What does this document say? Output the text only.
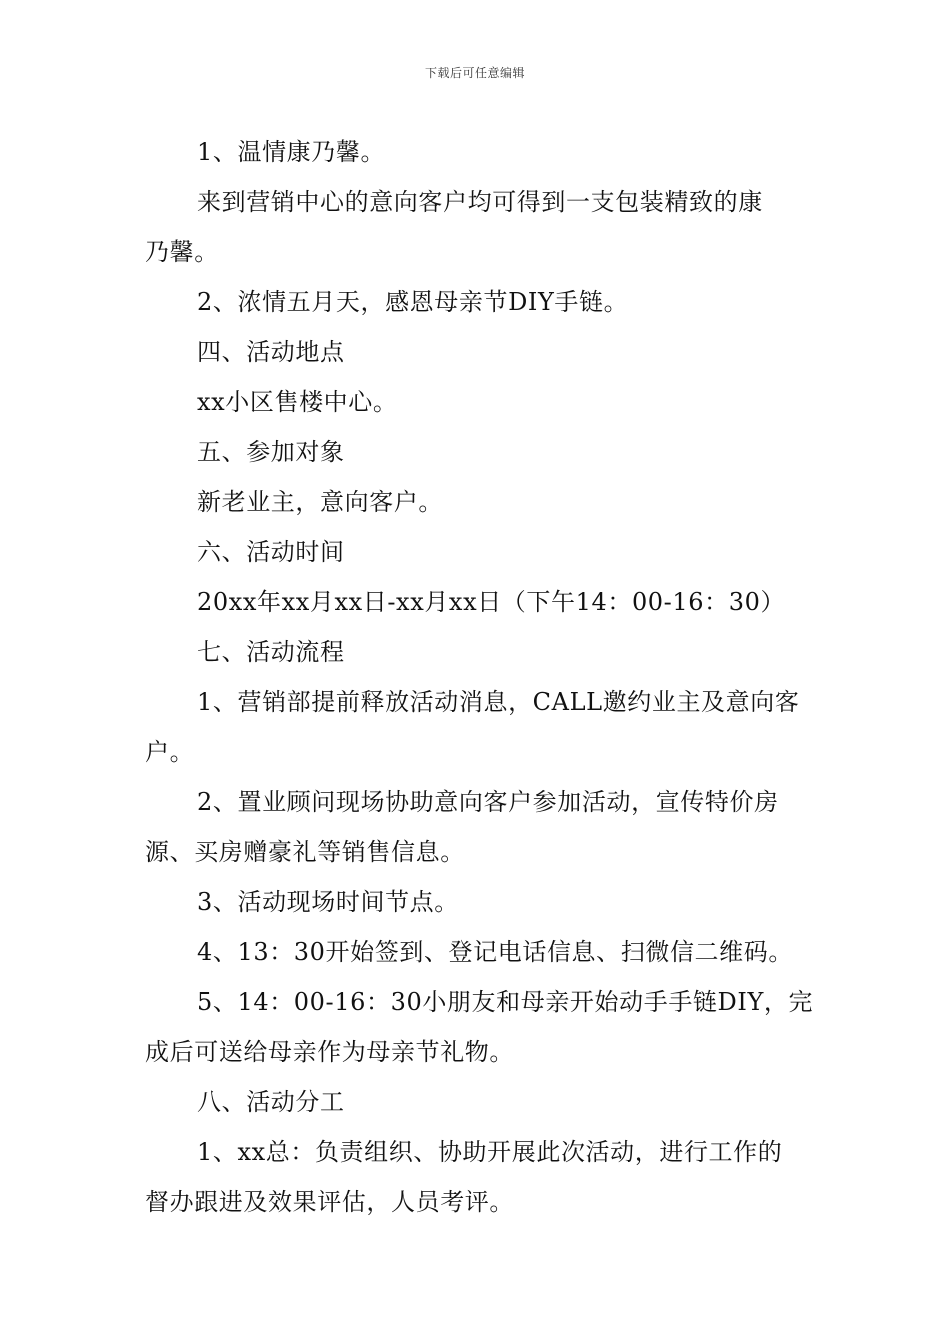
下载后可任意编辑
1、温情康乃馨。
来到营销中心的意向客户均可得到一支包装精致的康
乃馨。
2、浓情五月天，感恩母亲节DIY手链。
四、活动地点
xx小区售楼中心。
五、参加对象
新老业主，意向客户。
六、活动时间
20xx年xx月xx日-xx月xx日（下午14：00-16：30）
七、活动流程
1、营销部提前释放活动消息，CALL邀约业主及意向客
户。
2、置业顾问现场协助意向客户参加活动，宣传特价房
源、买房赠豪礼等销售信息。
3、活动现场时间节点。
4、13：30开始签到、登记电话信息、扫微信二维码。
5、14：00-16：30小朋友和母亲开始动手手链DIY，完
成后可送给母亲作为母亲节礼物。
八、活动分工
1、xx总：负责组织、协助开展此次活动，进行工作的
督办跟进及效果评估，人员考评。
